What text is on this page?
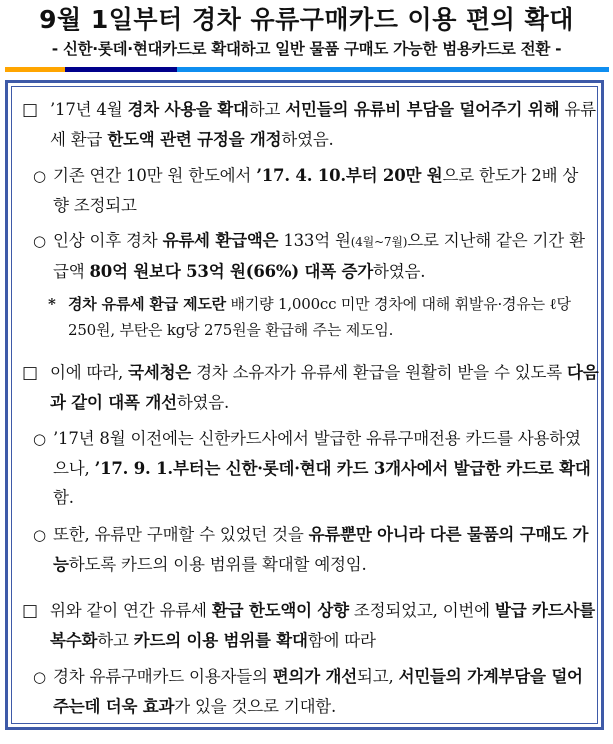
9월 1일부터 경차 유류구매카드 이용 편의 확대
- 신한·롯데·현대카드로 확대하고 일반 물품 구매도 가능한 범용카드로 전환 -
□ ’17년 4월 경차 사용을 확대하고 서민들의 유류비 부담을 덜어주기 위해 유류세 환급 한도액 관련 규정을 개정하였음.
○ 기존 연간 10만 원 한도에서 ’17. 4. 10.부터 20만 원으로 한도가 2배 상향 조정되고
○ 인상 이후 경차 유류세 환급액은 133억 원(4월~7월)으로 지난해 같은 기간 환급액 80억 원보다 53억 원(66%) 대폭 증가하였음.
* 경차 유류세 환급 제도란 배기량 1,000cc 미만 경차에 대해 휘발유·경유는 ℓ당 250원, 부탄은 kg당 275원을 환급해 주는 제도임.
□ 이에 따라, 국세청은 경차 소유자가 유류세 환급을 원활히 받을 수 있도록 다음과 같이 대폭 개선하였음.
○ ’17년 8월 이전에는 신한카드사에서 발급한 유류구매전용 카드를 사용하였으나, ’17. 9. 1.부터는 신한·롯데·현대 카드 3개사에서 발급한 카드로 확대함.
○ 또한, 유류만 구매할 수 있었던 것을 유류뿐만 아니라 다른 물품의 구매도 가능하도록 카드의 이용 범위를 확대할 예정임.
□ 위와 같이 연간 유류세 환급 한도액이 상향 조정되었고, 이번에 발급 카드사를 복수화하고 카드의 이용 범위를 확대함에 따라
○ 경차 유류구매카드 이용자들의 편의가 개선되고, 서민들의 가계부담을 덜어주는데 더욱 효과가 있을 것으로 기대함.
